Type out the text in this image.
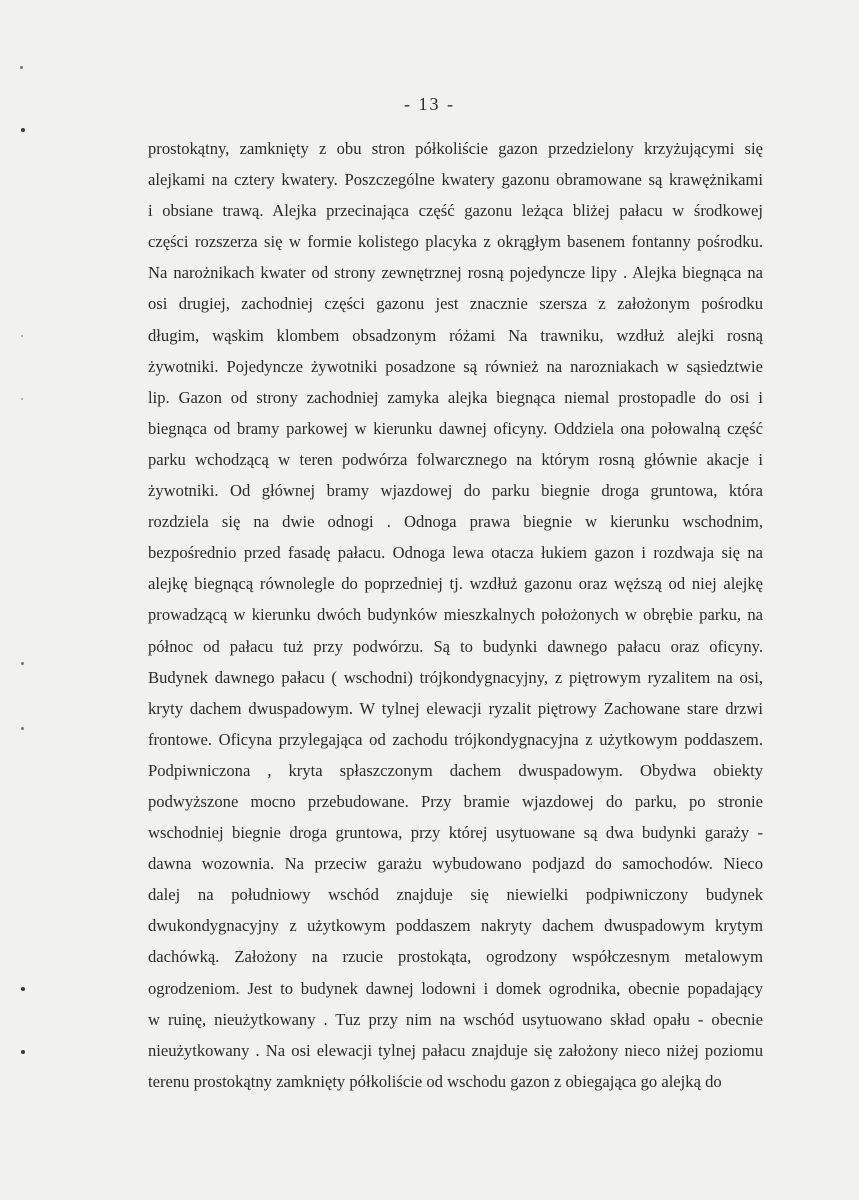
- 13 -
prostokątny, zamknięty z obu stron półkoliście gazon przedzielony krzyżującymi się
alejkami na cztery kwatery. Poszczególne kwatery gazonu obramowane są krawężnikami
i obsiane trawą. Alejka przecinająca część gazonu leżąca bliżej pałacu w środkowej
części rozszerza się w formie kolistego placyka z okrągłym basenem fontanny pośrodku.
Na narożnikach kwater od strony zewnętrznej rosną pojedyncze lipy . Alejka biegnąca na
osi drugiej, zachodniej części gazonu jest znacznie szersza z założonym pośrodku
długim, wąskim klombem obsadzonym różami Na trawniku, wzdłuż alejki rosną
żywotniki. Pojedyncze żywotniki posadzone są również na narozniakach w sąsiedztwie
lip. Gazon od strony zachodniej zamyka alejka biegnąca niemal prostopadle do osi i
biegnąca od bramy parkowej w kierunku dawnej oficyny. Oddziela ona połowalną część
parku wchodzącą w teren podwórza folwarcznego na którym rosną głównie akacje i
żywotniki. Od głównej bramy wjazdowej do parku biegnie droga gruntowa, która
rozdziela się na dwie odnogi . Odnoga prawa biegnie w kierunku wschodnim,
bezpośrednio przed fasadę pałacu. Odnoga lewa otacza łukiem gazon i rozdwaja się na
alejkę biegnącą równolegle do poprzedniej tj. wzdłuż gazonu oraz węższą od niej alejkę
prowadzącą w kierunku dwóch budynków mieszkalnych położonych w obrębie parku, na
północ od pałacu tuż przy podwórzu. Są to budynki dawnego pałacu oraz oficyny.
Budynek dawnego pałacu ( wschodni) trójkondygnacyjny, z piętrowym ryzalitem na osi,
kryty dachem dwuspadowym. W tylnej elewacji ryzalit piętrowy Zachowane stare drzwi
frontowe. Oficyna przylegająca od zachodu trójkondygnacyjna z użytkowym poddaszem.
Podpiwniczona , kryta spłaszczonym dachem dwuspadowym. Obydwa obiekty
podwyższone mocno przebudowane. Przy bramie wjazdowej do parku, po stronie
wschodniej biegnie droga gruntowa, przy której usytuowane są dwa budynki garaży -
dawna wozownia. Na przeciw garażu wybudowano podjazd do samochodów. Nieco
dalej na południowy wschód znajduje się niewielki podpiwniczony budynek
dwukondygnacyjny z użytkowym poddaszem nakryty dachem dwuspadowym krytym
dachówką. Założony na rzucie prostokąta, ogrodzony współczesnym metalowym
ogrodzeniom. Jest to budynek dawnej lodowni i domek ogrodnika, obecnie popadający
w ruinę, nieużytkowany . Tuz przy nim na wschód usytuowano skład opału - obecnie
nieużytkowany . Na osi elewacji tylnej pałacu znajduje się założony nieco niżej poziomu
terenu prostokątny zamknięty półkoliście od wschodu gazon z obiegająca go alejką do
